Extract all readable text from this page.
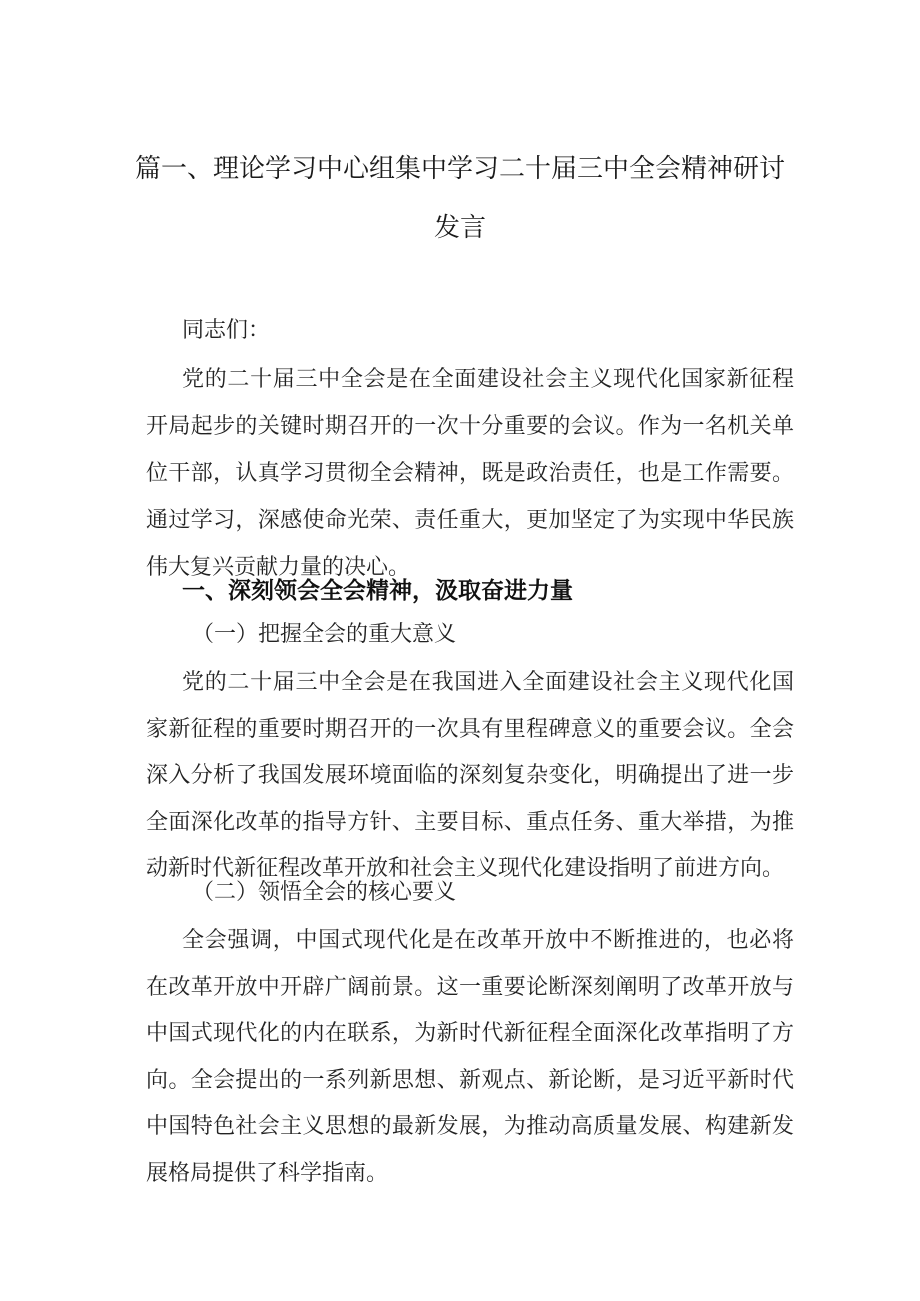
篇一、理论学习中心组集中学习二十届三中全会精神研讨
发言

同志们：

党的二十届三中全会是在全面建设社会主义现代化国家新征程开局起步的关键时期召开的一次十分重要的会议。作为一名机关单位干部，认真学习贯彻全会精神，既是政治责任，也是工作需要。通过学习，深感使命光荣、责任重大，更加坚定了为实现中华民族伟大复兴贡献力量的决心。

一、深刻领会全会精神，汲取奋进力量

（一）把握全会的重大意义

党的二十届三中全会是在我国进入全面建设社会主义现代化国家新征程的重要时期召开的一次具有里程碑意义的重要会议。全会深入分析了我国发展环境面临的深刻复杂变化，明确提出了进一步全面深化改革的指导方针、主要目标、重点任务、重大举措，为推动新时代新征程改革开放和社会主义现代化建设指明了前进方向。

（二）领悟全会的核心要义

全会强调，中国式现代化是在改革开放中不断推进的，也必将在改革开放中开辟广阔前景。这一重要论断深刻阐明了改革开放与中国式现代化的内在联系，为新时代新征程全面深化改革指明了方向。全会提出的一系列新思想、新观点、新论断，是习近平新时代中国特色社会主义思想的最新发展，为推动高质量发展、构建新发展格局提供了科学指南。
